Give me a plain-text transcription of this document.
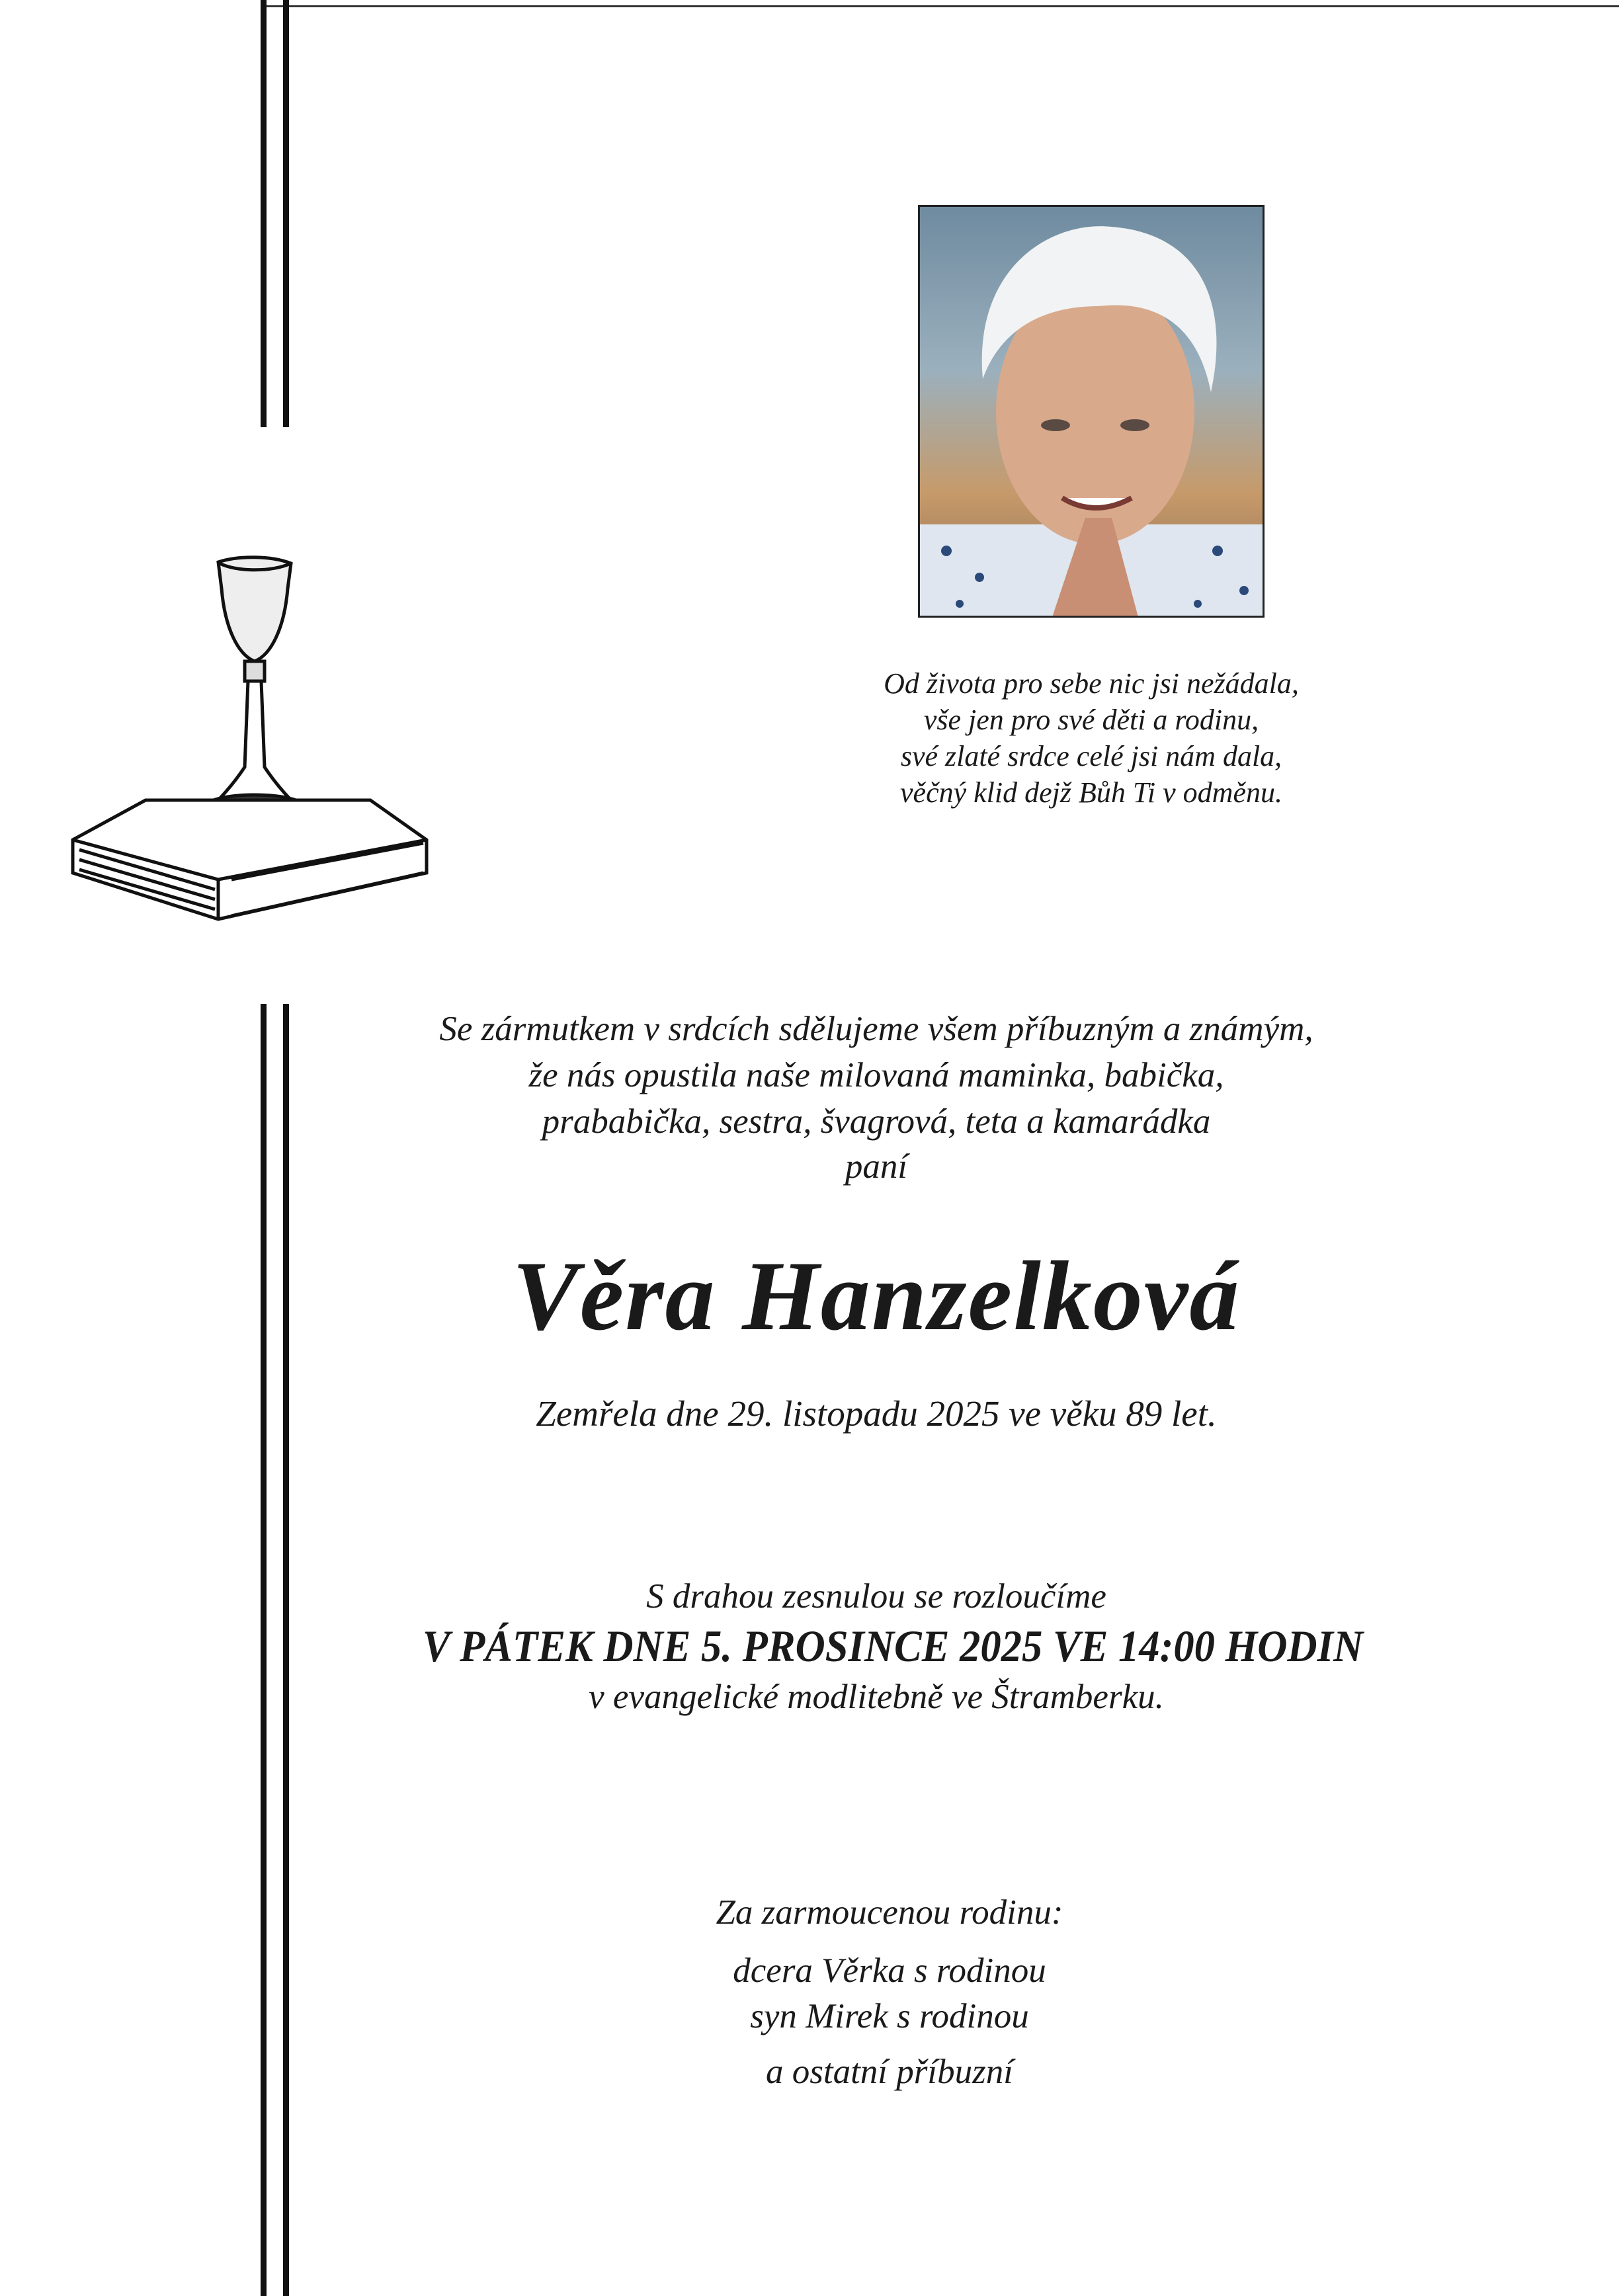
Od života pro sebe nic jsi nežádala,
vše jen pro své děti a rodinu,
své zlaté srdce celé jsi nám dala,
věčný klid dejž Bůh Ti v odměnu.
Se zármutkem v srdcích sdělujeme všem příbuzným a známým,
že nás opustila naše milovaná maminka, babička,
prababička, sestra, švagrová, teta a kamarádka
paní
Věra Hanzelková
Zemřela dne 29. listopadu 2025 ve věku 89 let.
S drahou zesnulou se rozloučíme
V PÁTEK DNE 5. PROSINCE 2025 VE 14:00 HODIN
v evangelické modlitebně ve Štramberku.
Za zarmoucenou rodinu:
dcera Věrka s rodinou
syn Mirek s rodinou
a ostatní příbuzní
